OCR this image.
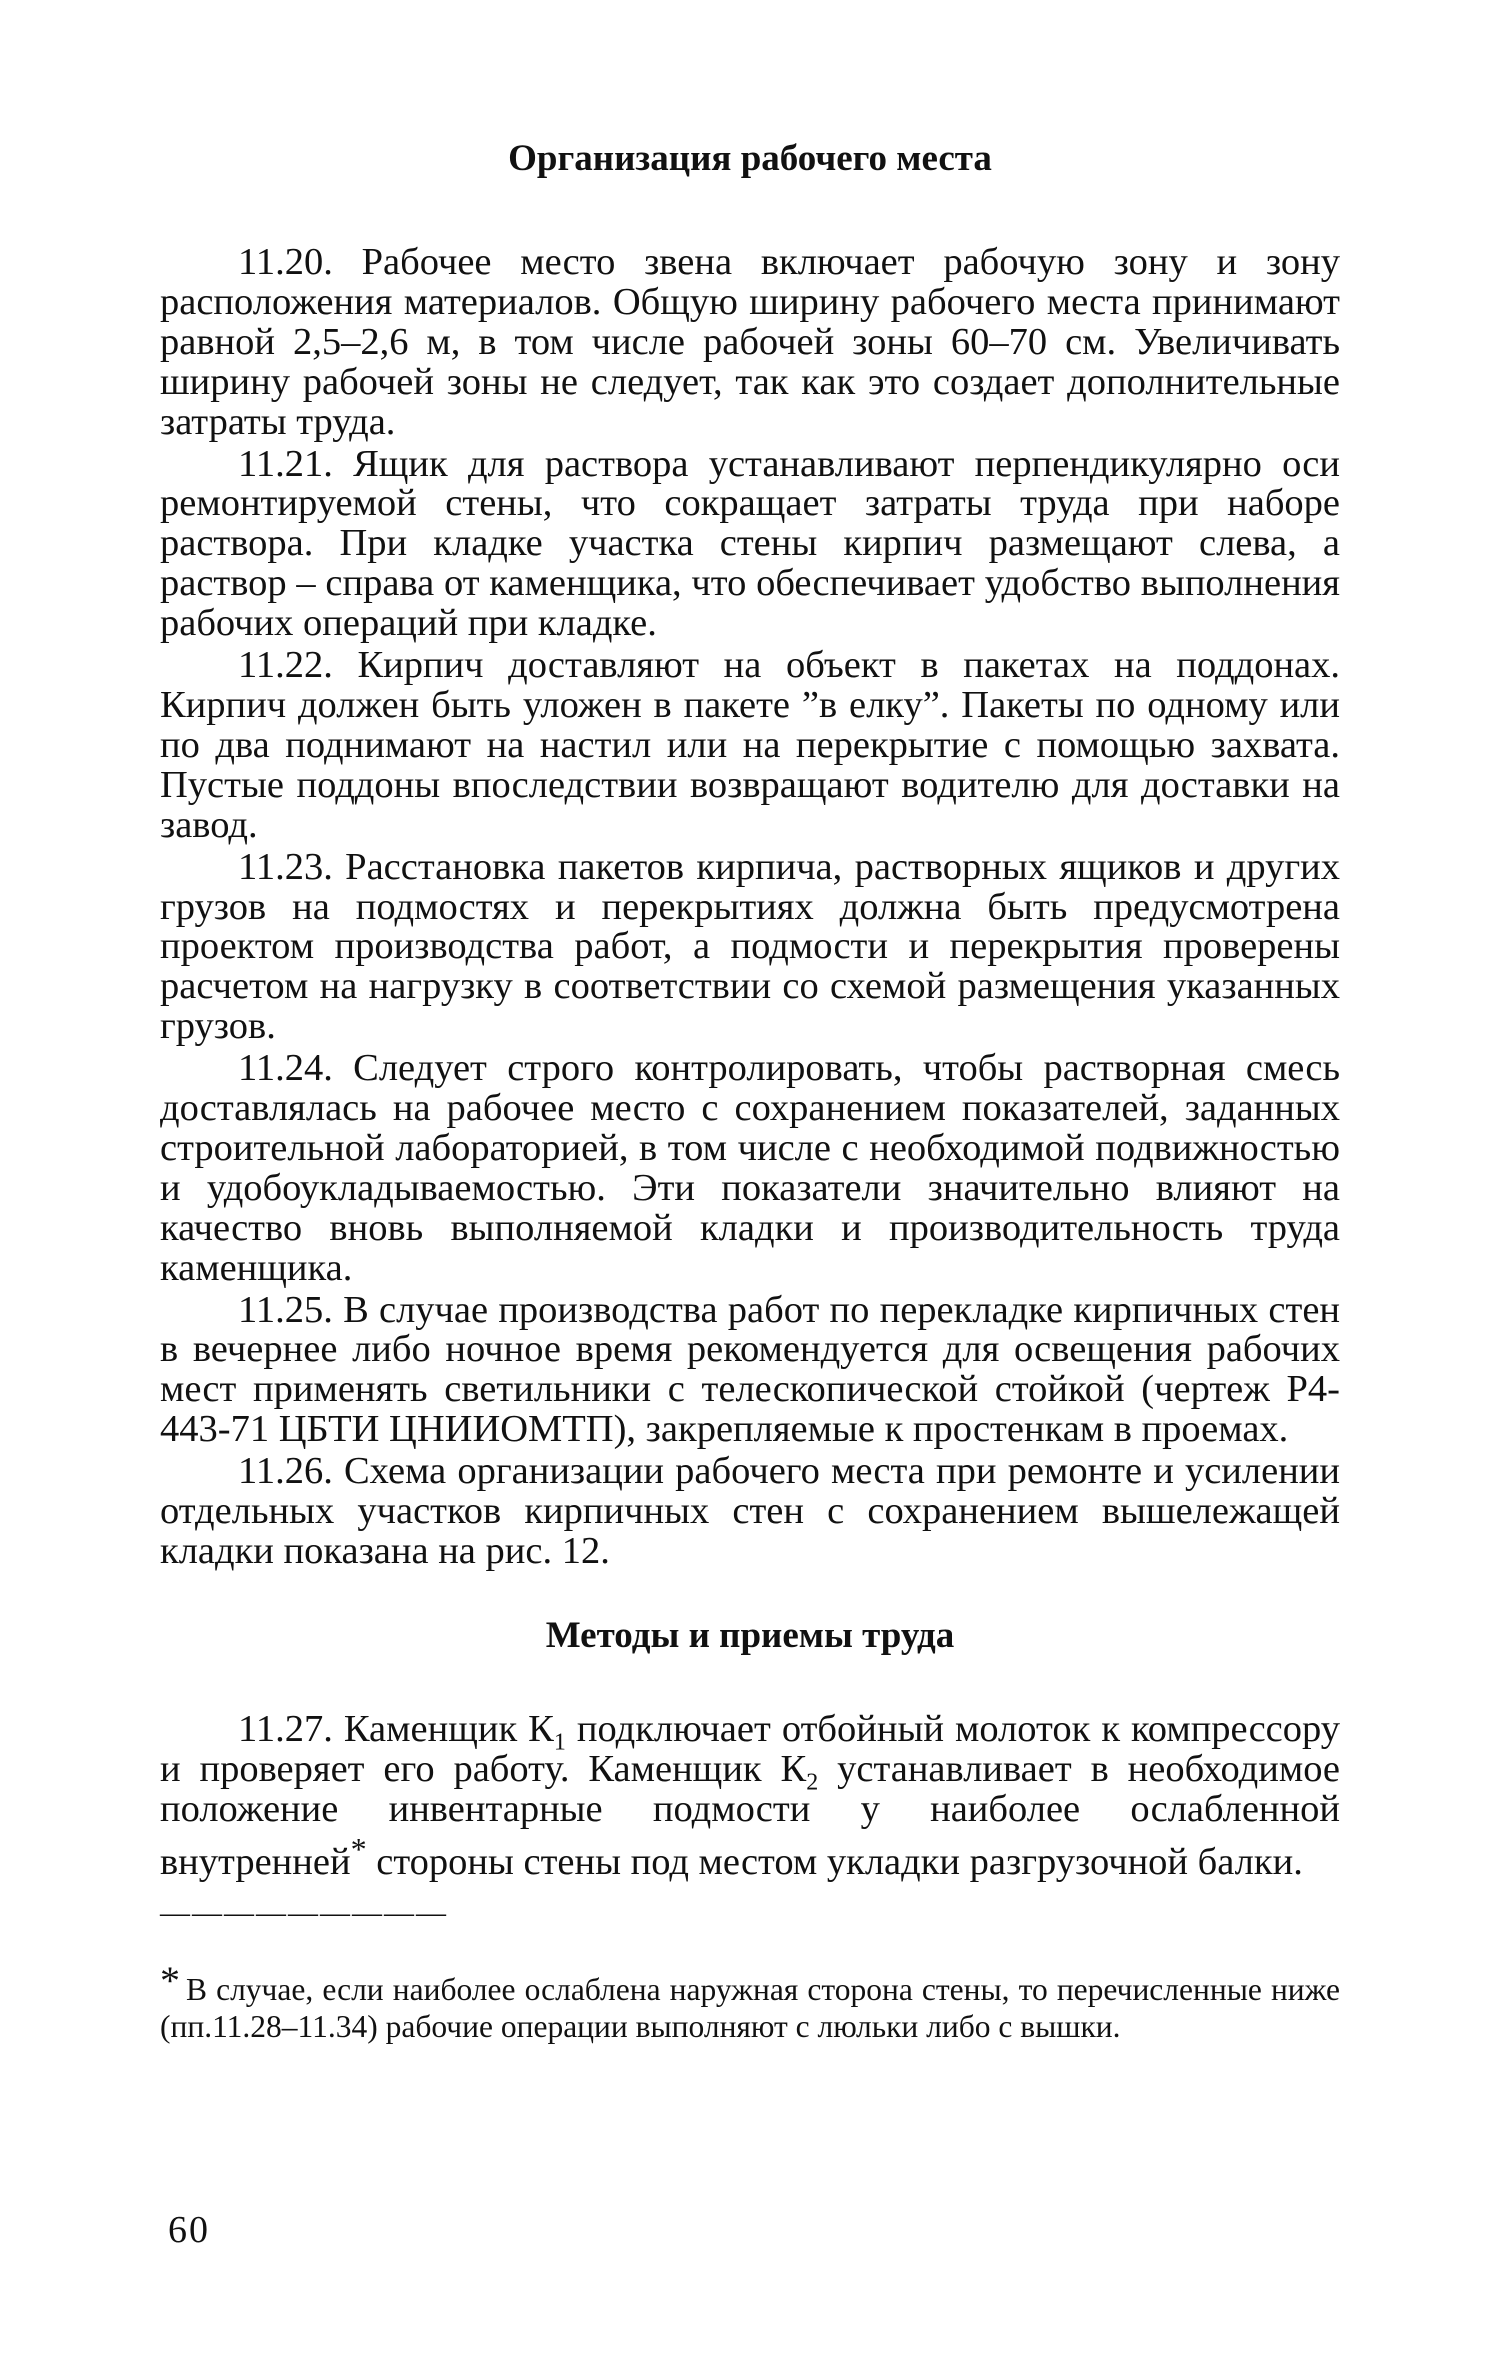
Организация рабочего места

11.20. Рабочее место звена включает рабочую зону и зону расположения материалов. Общую ширину рабочего места принимают равной 2,5–2,6 м, в том числе рабочей зоны 60–70 см. Увеличивать ширину рабочей зоны не следует, так как это создает дополнительные затраты труда.

11.21. Ящик для раствора устанавливают перпендикулярно оси ремонтируемой стены, что сокращает затраты труда при наборе раствора. При кладке участка стены кирпич размещают слева, а раствор – справа от каменщика, что обеспечивает удобство выполнения рабочих операций при кладке.

11.22. Кирпич доставляют на объект в пакетах на поддонах. Кирпич должен быть уложен в пакете ”в елку”. Пакеты по одному или по два поднимают на настил или на перекрытие с помощью захвата. Пустые поддоны впоследствии возвращают водителю для доставки на завод.

11.23. Расстановка пакетов кирпича, растворных ящиков и других грузов на подмостях и перекрытиях должна быть предусмотрена проектом производства работ, а подмости и перекрытия проверены расчетом на нагрузку в соответствии со схемой размещения указанных грузов.

11.24. Следует строго контролировать, чтобы растворная смесь доставлялась на рабочее место с сохранением показателей, заданных строительной лабораторией, в том числе с необходимой подвижностью и удобоукладываемостью. Эти показатели значительно влияют на качество вновь выполняемой кладки и производительность труда каменщика.

11.25. В случае производства работ по перекладке кирпичных стен в вечернее либо ночное время рекомендуется для освещения рабочих мест применять светильники с телескопической стойкой (чертеж Р4-443-71 ЦБТИ ЦНИИОМТП), закрепляемые к простенкам в проемах.

11.26. Схема организации рабочего места при ремонте и усилении отдельных участков кирпичных стен с сохранением вышележащей кладки показана на рис. 12.

Методы и приемы труда

11.27. Каменщик $К_1$ подключает отбойный молоток к компрессору и проверяет его работу. Каменщик $К_2$ устанавливает в необходимое положение инвентарные подмости у наиболее ослабленной внутренней* стороны стены под местом укладки разгрузочной балки.

—————————

* В случае, если наиболее ослаблена наружная сторона стены, то перечисленные ниже (пп.11.28–11.34) рабочие операции выполняют с люльки либо с вышки.

60
